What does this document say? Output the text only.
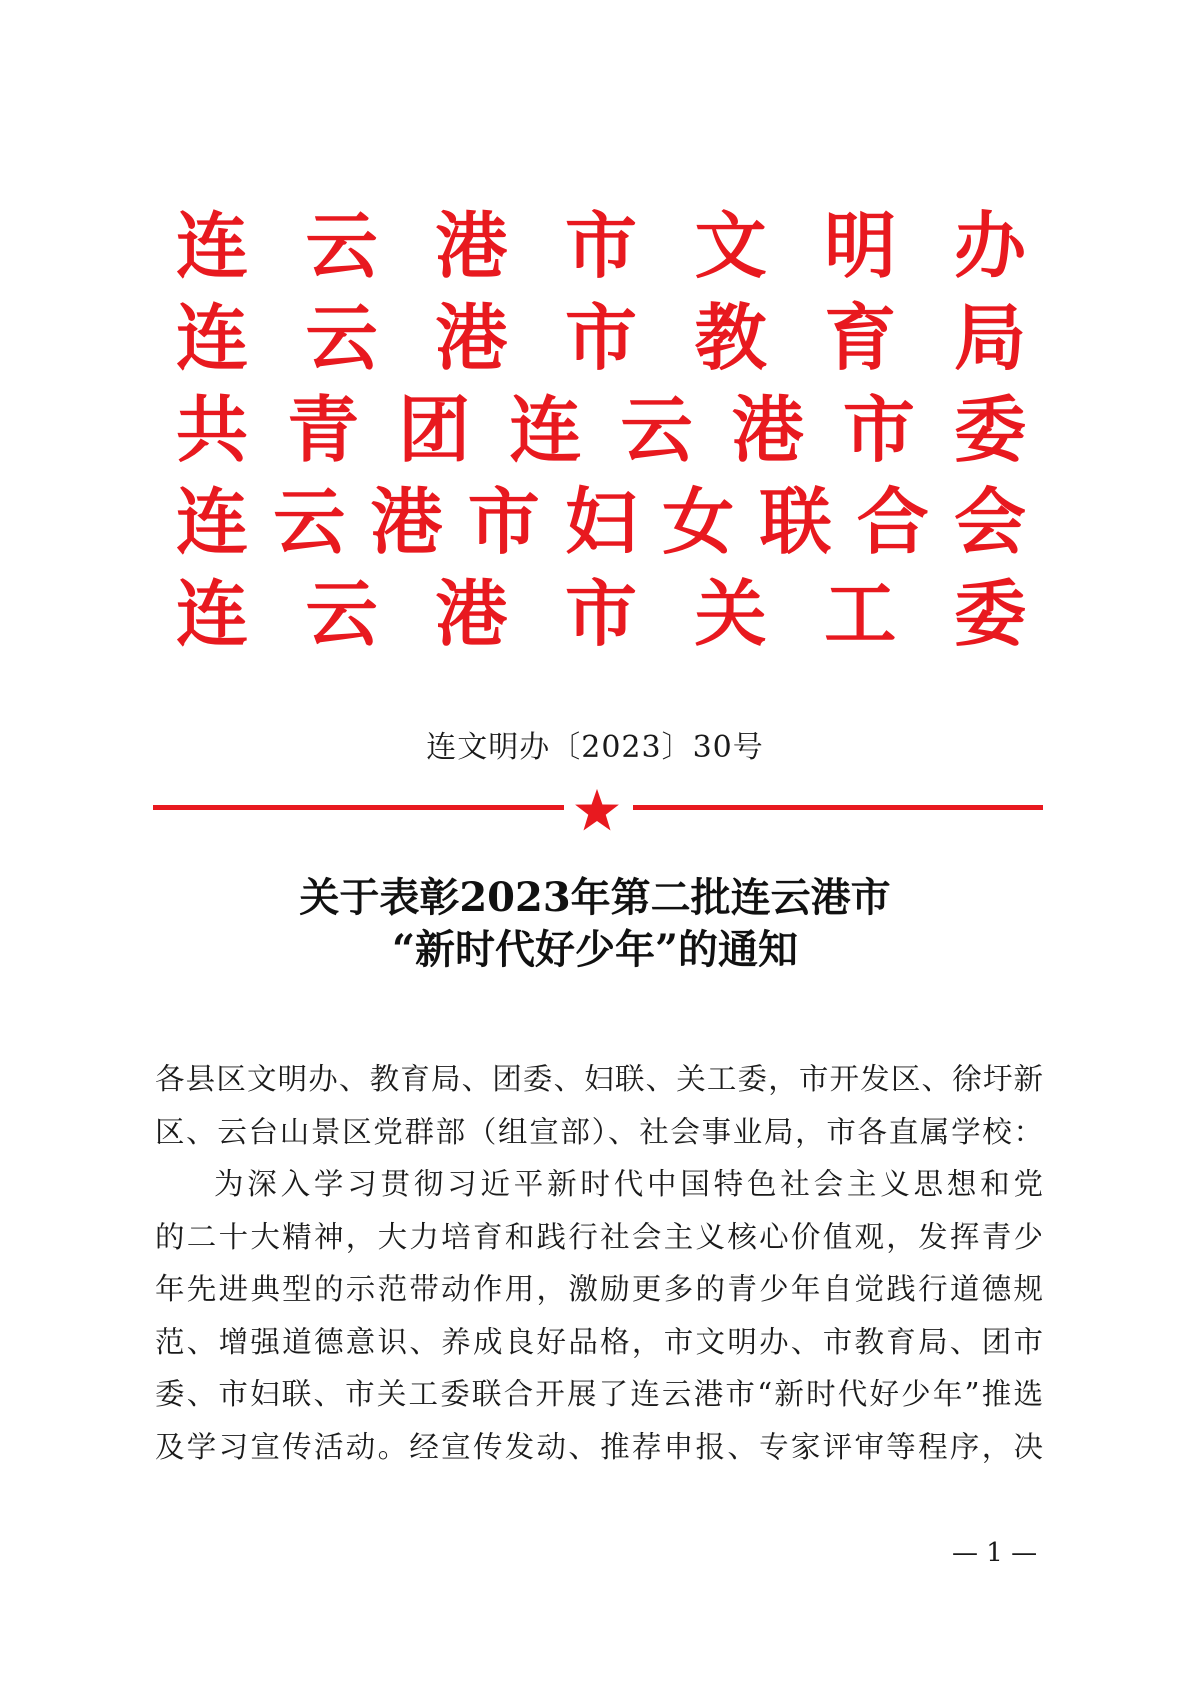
连 云 港 市 文 明 办
连 云 港 市 教 育 局
共 青 团 连 云 港 市 委
连 云 港 市 妇 女 联 合 会
连 云 港 市 关 工 委
连文明办〔2023〕30号
关于表彰2023年第二批连云港市
“新时代好少年”的通知
各县区文明办、教育局、团委、妇联、关工委，市开发区、徐圩新
区、云台山景区党群部（组宣部）、社会事业局，市各直属学校：
为深入学习贯彻习近平新时代中国特色社会主义思想和党
的二十大精神，大力培育和践行社会主义核心价值观，发挥青少
年先进典型的示范带动作用，激励更多的青少年自觉践行道德规
范、增强道德意识、养成良好品格，市文明办、市教育局、团市
委、市妇联、市关工委联合开展了连云港市“新时代好少年”推选
及学习宣传活动。经宣传发动、推荐申报、专家评审等程序，决
— 1 —
